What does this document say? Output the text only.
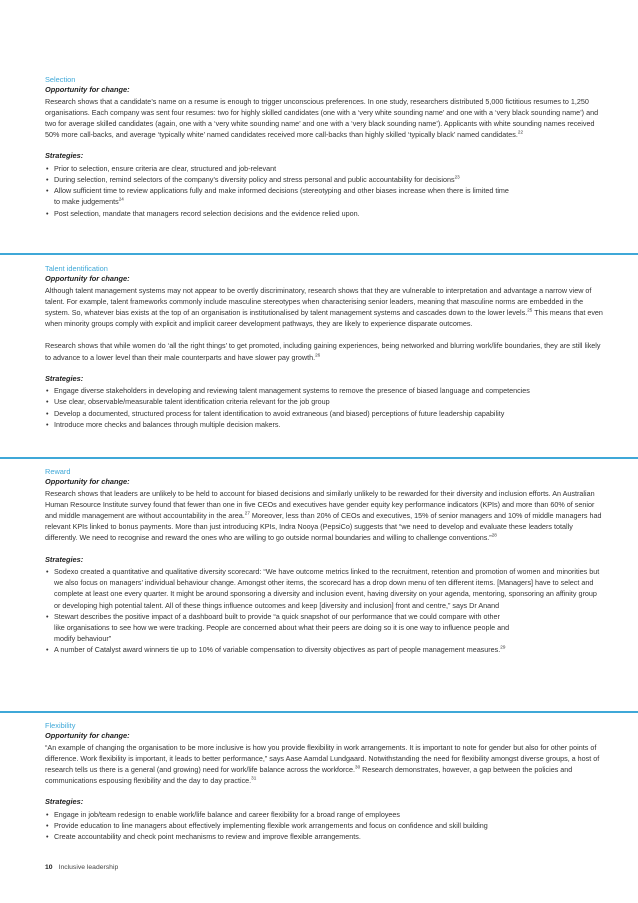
Selection

Opportunity for change:

Research shows that a candidate’s name on a resume is enough to trigger unconscious preferences. In one study, researchers distributed 5,000 fictitious resumes to 1,250 organisations. Each company was sent four resumes: two for highly skilled candidates (one with a ‘very white sounding name’ and one with a ‘very black sounding name’) and two for average skilled candidates (again, one with a ‘very white sounding name’ and one with a ‘very black sounding name’). Applicants with white sounding names received 50% more call-backs, and average ‘typically white’ named candidates received more call-backs than highly skilled ‘typically black’ named candidates.$^{22}$

Strategies:

• Prior to selection, ensure criteria are clear, structured and job-relevant
• During selection, remind selectors of the company’s diversity policy and stress personal and public accountability for decisions$^{23}$
• Allow sufficient time to review applications fully and make informed decisions (stereotyping and other biases increase when there is limited time
to make judgements$^{24}$
• Post selection, mandate that managers record selection decisions and the evidence relied upon.

Talent identification

Opportunity for change:

Although talent management systems may not appear to be overtly discriminatory, research shows that they are vulnerable to interpretation and advantage a narrow view of talent. For example, talent frameworks commonly include masculine stereotypes when characterising senior leaders, meaning that masculine norms are embedded in the system. So, whatever bias exists at the top of an organisation is institutionalised by talent management systems and cascades down to the lower levels.$^{25}$ This means that even when minority groups comply with explicit and implicit career development pathways, they are likely to experience disparate outcomes.

Research shows that while women do ‘all the right things’ to get promoted, including gaining experiences, being networked and blurring work/life boundaries, they are still likely to advance to a lower level than their male counterparts and have slower pay growth.$^{26}$

Strategies:

• Engage diverse stakeholders in developing and reviewing talent management systems to remove the presence of biased language and competencies
• Use clear, observable/measurable talent identification criteria relevant for the job group
• Develop a documented, structured process for talent identification to avoid extraneous (and biased) perceptions of future leadership capability
• Introduce more checks and balances through multiple decision makers.

Reward

Opportunity for change:

Research shows that leaders are unlikely to be held to account for biased decisions and similarly unlikely to be rewarded for their diversity and inclusion efforts. An Australian Human Resource Institute survey found that fewer than one in five CEOs and executives have gender equity key performance indicators (KPIs) and more than 60% of senior and middle management are without accountability in the area.$^{27}$ Moreover, less than 20% of CEOs and executives, 15% of senior managers and 10% of middle managers had relevant KPIs linked to bonus payments. More than just introducing KPIs, Indra Nooya (PepsiCo) suggests that “we need to develop and evaluate these leaders totally differently. We need to recognise and reward the ones who are willing to go outside normal boundaries and willing to challenge conventions.”$^{28}$

Strategies:

• Sodexo created a quantitative and qualitative diversity scorecard: “We have outcome metrics linked to the recruitment, retention and promotion of women and minorities but we also focus on managers’ individual behaviour change. Amongst other items, the scorecard has a drop down menu of ten different items. [Managers] have to select and complete at least one every quarter. It might be around sponsoring a diversity and inclusion event, having diversity on your agenda, mentoring, sponsoring an affinity group or developing high potential talent. All of these things influence outcomes and keep [diversity and inclusion] front and centre,” says Dr Anand
• Stewart describes the positive impact of a dashboard built to provide “a quick snapshot of our performance that we could compare with other
like organisations to see how we were tracking. People are concerned about what their peers are doing so it is one way to influence people and
modify behaviour”
• A number of Catalyst award winners tie up to 10% of variable compensation to diversity objectives as part of people management measures.$^{29}$

Flexibility

Opportunity for change:

“An example of changing the organisation to be more inclusive is how you provide flexibility in work arrangements. It is important to note for gender but also for other points of difference. Work flexibility is important, it leads to better performance,” says Aase Aamdal Lundgaard. Notwithstanding the need for flexibility amongst diverse groups, a host of research tells us there is a general (and growing) need for work/life balance across the workforce.$^{30}$ Research demonstrates, however, a gap between the policies and communications espousing flexibility and the day to day practice.$^{31}$

Strategies:

• Engage in job/team redesign to enable work/life balance and career flexibility for a broad range of employees
• Provide education to line managers about effectively implementing flexible work arrangements and focus on confidence and skill building
• Create accountability and check point mechanisms to review and improve flexible arrangements.
10 Inclusive leadership
